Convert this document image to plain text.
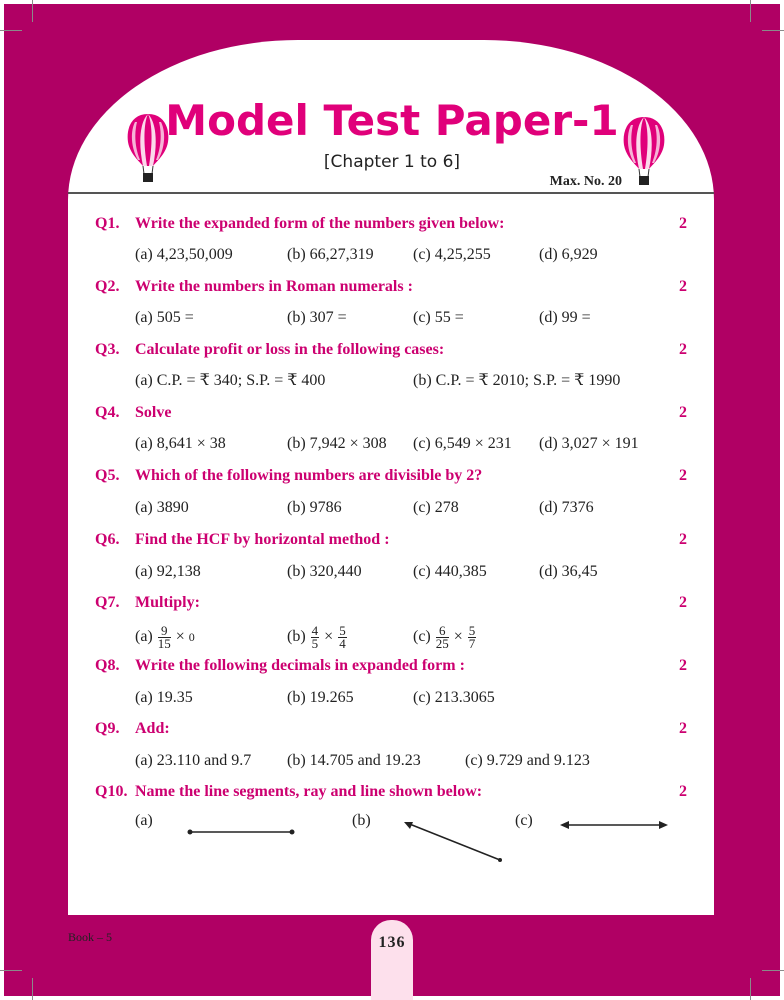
Model Test Paper-1
[Chapter 1 to 6]
Max. No. 20
Q1. Write the expanded form of the numbers given below:	2
(a) 4,23,50,009	(b) 66,27,319 (c) 4,25,255	(d) 6,929
Q2. Write the numbers in Roman numerals :	2
(a) 505 =	(b) 307 =	(c) 55 =	(d) 99 =
Q3. Calculate profit or loss in the following cases:	2
(a) C.P. = ₹ 340; S.P. = ₹ 400	(b) C.P. = ₹ 2010; S.P. = ₹ 1990
Q4. Solve	2
(a) 8,641 × 38	(b) 7,942 × 308 (c) 6,549 × 231 (d) 3,027 × 191
Q5. Which of the following numbers are divisible by 2?	2
(a) 3890	(b) 9786	(c) 278	(d) 7376
Q6. Find the HCF by horizontal method :	2
(a) 92,138	(b) 320,440	(c) 440,385	(d) 36,45
Q7. Multiply:	2
$(a) \frac{9}{15} \times 0$	$(b) \frac{4}{5} \times \frac{5}{4}$	$(c) \frac{6}{25} \times \frac{5}{7}$
Q8. Write the following decimals in expanded form :	2
(a) 19.35	(b) 19.265	(c) 213.3065
Q9. Add:	2
(a) 23.110 and 9.7 (b) 14.705 and 19.23	(c) 9.729 and 9.123
Q10. Name the line segments, ray and line shown below:	2
(a)	(b)	(c)
Book – 5	136
